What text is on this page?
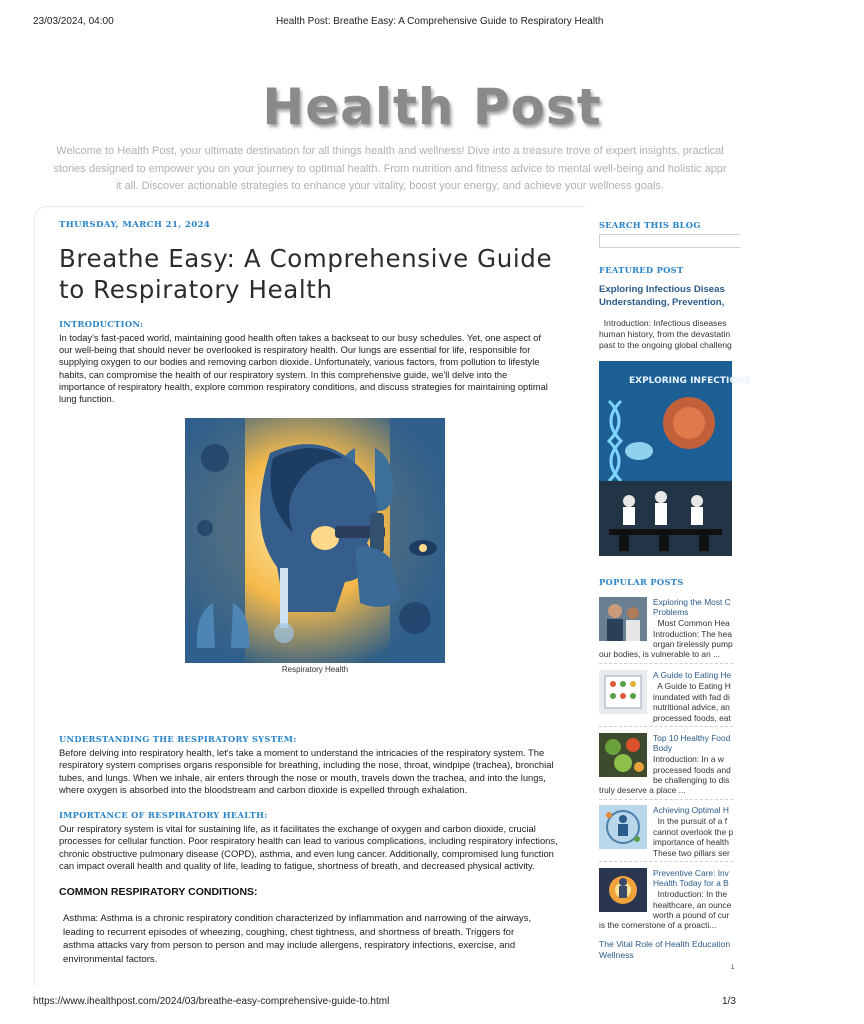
23/03/2024, 04:00	Health Post: Breathe Easy: A Comprehensive Guide to Respiratory Health
Health Post
Welcome to Health Post, your ultimate destination for all things health and wellness! Dive into a treasure trove of expert insights, practical
stories designed to empower you on your journey to optimal health. From nutrition and fitness advice to mental well-being and holistic appr
it all. Discover actionable strategies to enhance your vitality, boost your energy, and achieve your wellness goals.
THURSDAY, MARCH 21, 2024
Breathe Easy: A Comprehensive Guide to Respiratory Health
INTRODUCTION:
In today's fast-paced world, maintaining good health often takes a backseat to our busy schedules. Yet, one aspect of
our well-being that should never be overlooked is respiratory health. Our lungs are essential for life, responsible for
supplying oxygen to our bodies and removing carbon dioxide. Unfortunately, various factors, from pollution to lifestyle
habits, can compromise the health of our respiratory system. In this comprehensive guide, we'll delve into the
importance of respiratory health, explore common respiratory conditions, and discuss strategies for maintaining optimal
lung function.
Respiratory Health
UNDERSTANDING THE RESPIRATORY SYSTEM:
Before delving into respiratory health, let's take a moment to understand the intricacies of the respiratory system. The
respiratory system comprises organs responsible for breathing, including the nose, throat, windpipe (trachea), bronchial
tubes, and lungs. When we inhale, air enters through the nose or mouth, travels down the trachea, and into the lungs,
where oxygen is absorbed into the bloodstream and carbon dioxide is expelled through exhalation.
IMPORTANCE OF RESPIRATORY HEALTH:
Our respiratory system is vital for sustaining life, as it facilitates the exchange of oxygen and carbon dioxide, crucial
processes for cellular function. Poor respiratory health can lead to various complications, including respiratory infections,
chronic obstructive pulmonary disease (COPD), asthma, and even lung cancer. Additionally, compromised lung function
can impact overall health and quality of life, leading to fatigue, shortness of breath, and decreased physical activity.
COMMON RESPIRATORY CONDITIONS:
Asthma: Asthma is a chronic respiratory condition characterized by inflammation and narrowing of the airways,
leading to recurrent episodes of wheezing, coughing, chest tightness, and shortness of breath. Triggers for
asthma attacks vary from person to person and may include allergens, respiratory infections, exercise, and
environmental factors.
SEARCH THIS BLOG
FEATURED POST
Exploring Infectious Diseas
Understanding, Prevention,
Introduction: Infectious diseases
human history, from the devastatin
past to the ongoing global challeng
EXPLORING INFECTIOUS
POPULAR POSTS
Exploring the Most C
Problems
Most Common Hea
Introduction: The hea
organ tirelessly pump
our bodies, is vulnerable to an ...
A Guide to Eating He
A Guide to Eating H
inundated with fad di
nutritional advice, an
processed foods, eat
Top 10 Healthy Food
Body
Introduction: In a w
processed foods and
be challenging to dis
truly deserve a place ...
Achieving Optimal H
In the pursuit of a f
cannot overlook the p
importance of health
These two pillars ser
Preventive Care: Inv
Health Today for a B
Introduction: In the
healthcare, an ounce
worth a pound of cur
is the cornerstone of a proacti...
The Vital Role of Health Education
Wellness
1
https://www.ihealthpost.com/2024/03/breathe-easy-comprehensive-guide-to.html	1/3
